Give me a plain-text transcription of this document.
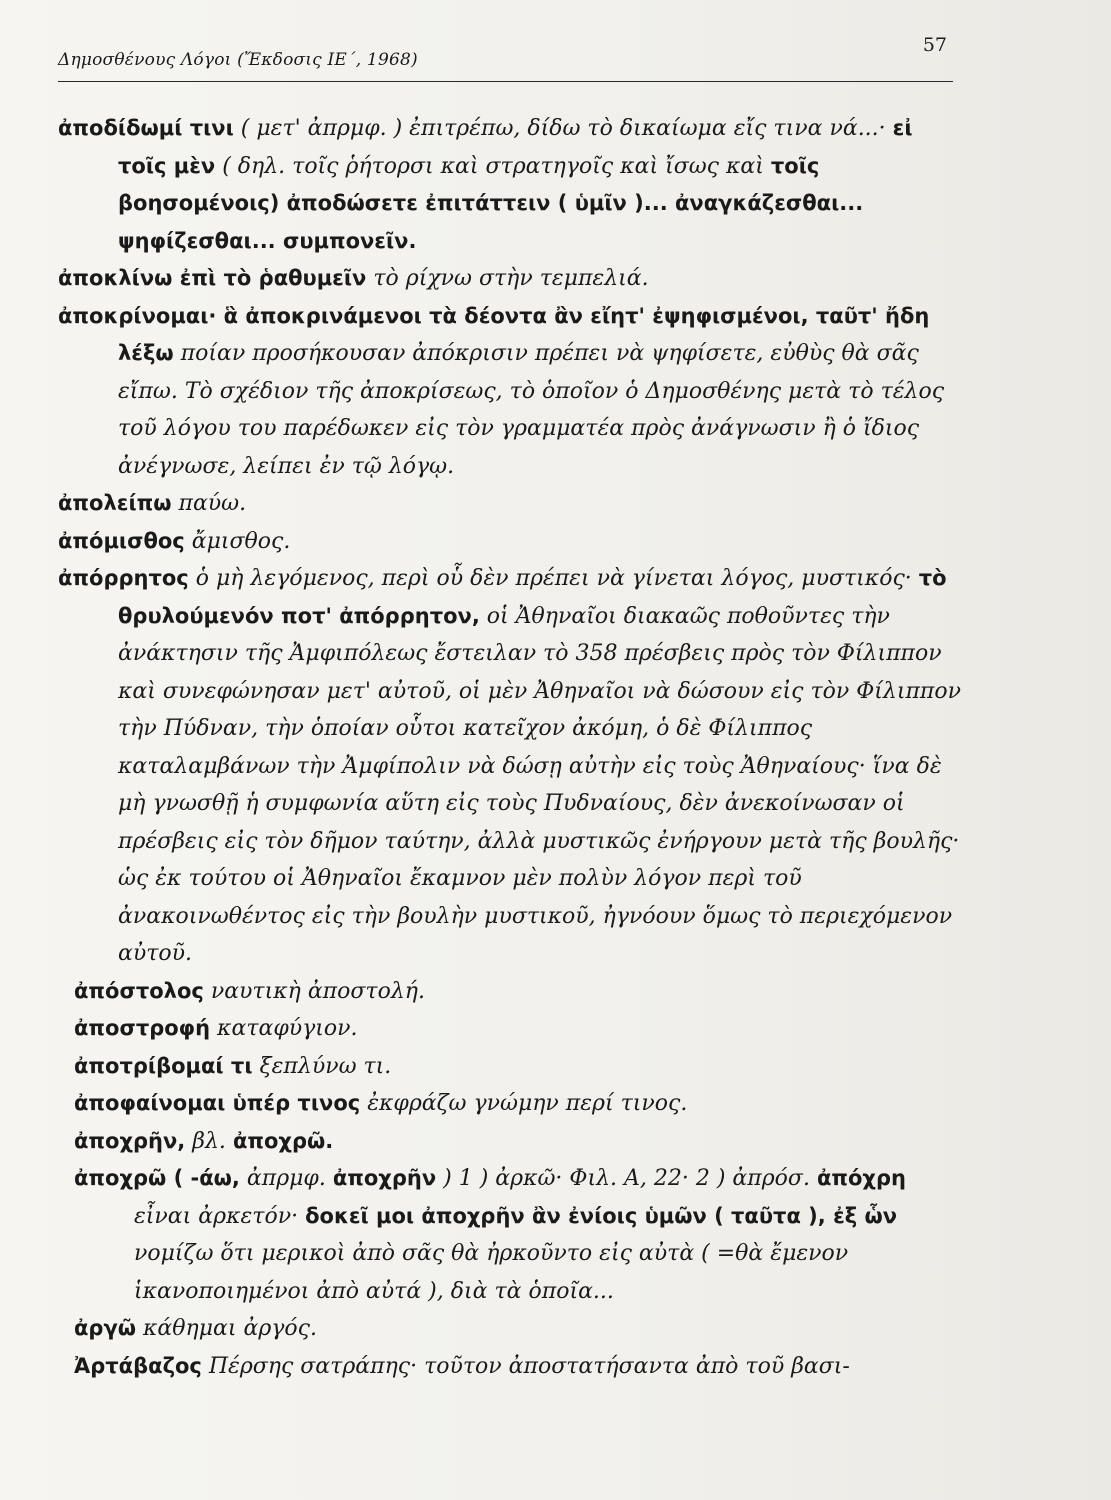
Δημοσθένους Λόγοι (Ἔκδοσις ΙΕ΄, 1968)
57

ἀποδίδωμί τινι ( μετ' ἀπρμφ. ) ἐπιτρέπω, δίδω τὸ δικαίωμα εἴς τινα νά...· εἰ τοῖς μὲν ( δηλ. τοῖς ῥήτορσι καὶ στρατηγοῖς καὶ ἴσως καὶ τοῖς βοησομένοις) ἀποδώσετε ἐπιτάττειν ( ὑμῖν )... ἀναγκάζεσθαι... ψηφίζεσθαι... συμπονεῖν.

ἀποκλίνω ἐπὶ τὸ ῥαθυμεῖν τὸ ρίχνω στὴν τεμπελιά.

ἀποκρίνομαι· ἃ ἀποκρινάμενοι τὰ δέοντα ἂν εἴητ' ἐψηφισμένοι, ταῦτ' ἤδη λέξω ποίαν προσήκουσαν ἀπόκρισιν πρέπει νὰ ψηφίσετε, εὐθὺς θὰ σᾶς εἴπω. Τὸ σχέδιον τῆς ἀποκρίσεως, τὸ ὁποῖον ὁ Δημοσθένης μετὰ τὸ τέλος τοῦ λόγου του παρέδωκεν εἰς τὸν γραμματέα πρὸς ἀνάγνωσιν ἢ ὁ ἴδιος ἀνέγνωσε, λείπει ἐν τῷ λόγῳ.

ἀπολείπω παύω.

ἀπόμισθος ἄμισθος.

ἀπόρρητος ὁ μὴ λεγόμενος, περὶ οὗ δὲν πρέπει νὰ γίνεται λόγος, μυστικός· τὸ θρυλούμενόν ποτ' ἀπόρρητον, οἱ Ἀθηναῖοι διακαῶς ποθοῦντες τὴν ἀνάκτησιν τῆς Ἀμφιπόλεως ἔστειλαν τὸ 358 πρέσβεις πρὸς τὸν Φίλιππον καὶ συνεφώνησαν μετ' αὐτοῦ, οἱ μὲν Ἀθηναῖοι νὰ δώσουν εἰς τὸν Φίλιππον τὴν Πύδναν, τὴν ὁποίαν οὗτοι κατεῖχον ἀκόμη, ὁ δὲ Φίλιππος καταλαμβάνων τὴν Ἀμφίπολιν νὰ δώσῃ αὐτὴν εἰς τοὺς Ἀθηναίους· ἵνα δὲ μὴ γνωσθῇ ἡ συμφωνία αὕτη εἰς τοὺς Πυδναίους, δὲν ἀνεκοίνωσαν οἱ πρέσβεις εἰς τὸν δῆμον ταύτην, ἀλλὰ μυστικῶς ἐνήργουν μετὰ τῆς βουλῆς· ὡς ἐκ τούτου οἱ Ἀθηναῖοι ἔκαμνον μὲν πολὺν λόγον περὶ τοῦ ἀνακοινωθέντος εἰς τὴν βουλὴν μυστικοῦ, ἠγνόουν ὅμως τὸ περιεχόμενον αὐτοῦ.

ἀπόστολος ναυτικὴ ἀποστολή.

ἀποστροφή καταφύγιον.

ἀποτρίβομαί τι ξεπλύνω τι.

ἀποφαίνομαι ὑπέρ τινος ἐκφράζω γνώμην περί τινος.

ἀποχρῆν, βλ. ἀποχρῶ.

ἀποχρῶ ( -άω, ἀπρμφ. ἀποχρῆν ) 1 ) ἀρκῶ· Φιλ. Α, 22· 2 ) ἀπρόσ. ἀπόχρη εἶναι ἀρκετόν· δοκεῖ μοι ἀποχρῆν ἂν ἐνίοις ὑμῶν ( ταῦτα ), ἐξ ὧν νομίζω ὅτι μερικοὶ ἀπὸ σᾶς θὰ ἠρκοῦντο εἰς αὐτὰ ( =θὰ ἔμενον ἱκανοποιημένοι ἀπὸ αὐτά ), διὰ τὰ ὁποῖα...

ἀργῶ κάθημαι ἀργός.

Ἀρτάβαζος Πέρσης σατράπης· τοῦτον ἀποστατήσαντα ἀπὸ τοῦ βασι-
